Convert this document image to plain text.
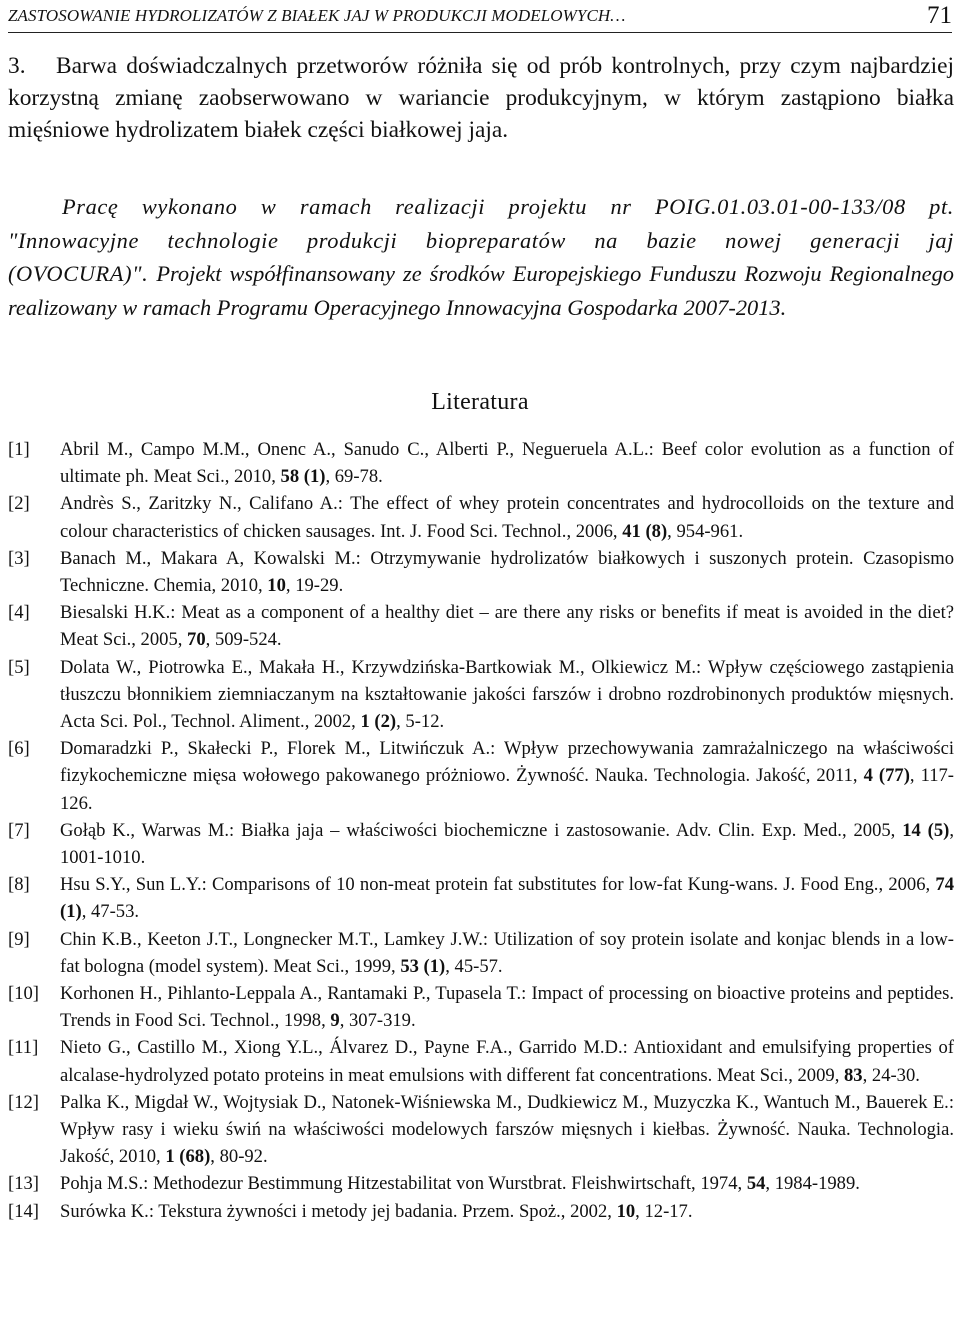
ZASTOSOWANIE HYDROLIZATÓW Z BIAŁEK JAJ W PRODUKCJI MODELOWYCH…	71
3. Barwa doświadczalnych przetworów różniła się od prób kontrolnych, przy czym najbardziej korzystną zmianę zaobserwowano w wariancie produkcyjnym, w którym zastąpiono białka mięśniowe hydrolizatem białek części białkowej jaja.

Pracę wykonano w ramach realizacji projektu nr POIG.01.03.01-00-133/08 pt. "Innowacyjne technologie produkcji biopreparatów na bazie nowej generacji jaj (OVOCURA)". Projekt współfinansowany ze środków Europejskiego Funduszu Rozwoju Regionalnego realizowany w ramach Programu Operacyjnego Innowacyjna Gospodarka 2007-2013.

Literatura
[1] Abril M., Campo M.M., Onenc A., Sanudo C., Alberti P., Negueruela A.L.: Beef color evolution as a function of ultimate ph. Meat Sci., 2010, 58 (1), 69-78.
[2] Andrès S., Zaritzky N., Califano A.: The effect of whey protein concentrates and hydrocolloids on the texture and colour characteristics of chicken sausages. Int. J. Food Sci. Technol., 2006, 41 (8), 954-961.
[3] Banach M., Makara A, Kowalski M.: Otrzymywanie hydrolizatów białkowych i suszonych protein. Czasopismo Techniczne. Chemia, 2010, 10, 19-29.
[4] Biesalski H.K.: Meat as a component of a healthy diet – are there any risks or benefits if meat is avoided in the diet? Meat Sci., 2005, 70, 509-524.
[5] Dolata W., Piotrowka E., Makała H., Krzywdzińska-Bartkowiak M., Olkiewicz M.: Wpływ częściowego zastąpienia tłuszczu błonnikiem ziemniaczanym na kształtowanie jakości farszów i drobno rozdrobinonych produktów mięsnych. Acta Sci. Pol., Technol. Aliment., 2002, 1 (2), 5-12.
[6] Domaradzki P., Skałecki P., Florek M., Litwińczuk A.: Wpływ przechowywania zamrażalniczego na właściwości fizykochemiczne mięsa wołowego pakowanego próżniowo. Żywność. Nauka. Technologia. Jakość, 2011, 4 (77), 117-126.
[7] Gołąb K., Warwas M.: Białka jaja – właściwości biochemiczne i zastosowanie. Adv. Clin. Exp. Med., 2005, 14 (5), 1001-1010.
[8] Hsu S.Y., Sun L.Y.: Comparisons of 10 non-meat protein fat substitutes for low-fat Kung-wans. J. Food Eng., 2006, 74 (1), 47-53.
[9] Chin K.B., Keeton J.T., Longnecker M.T., Lamkey J.W.: Utilization of soy protein isolate and konjac blends in a low-fat bologna (model system). Meat Sci., 1999, 53 (1), 45-57.
[10] Korhonen H., Pihlanto-Leppala A., Rantamaki P., Tupasela T.: Impact of processing on bioactive proteins and peptides. Trends in Food Sci. Technol., 1998, 9, 307-319.
[11] Nieto G., Castillo M., Xiong Y.L., Álvarez D., Payne F.A., Garrido M.D.: Antioxidant and emulsifying properties of alcalase-hydrolyzed potato proteins in meat emulsions with different fat concentrations. Meat Sci., 2009, 83, 24-30.
[12] Palka K., Migdał W., Wojtysiak D., Natonek-Wiśniewska M., Dudkiewicz M., Muzyczka K., Wantuch M., Bauerek E.: Wpływ rasy i wieku świń na właściwości modelowych farszów mięsnych i kiełbas. Żywność. Nauka. Technologia. Jakość, 2010, 1 (68), 80-92.
[13] Pohja M.S.: Methodezur Bestimmung Hitzestabilitat von Wurstbrat. Fleishwirtschaft, 1974, 54, 1984-1989.
[14] Surówka K.: Tekstura żywności i metody jej badania. Przem. Spoż., 2002, 10, 12-17.
